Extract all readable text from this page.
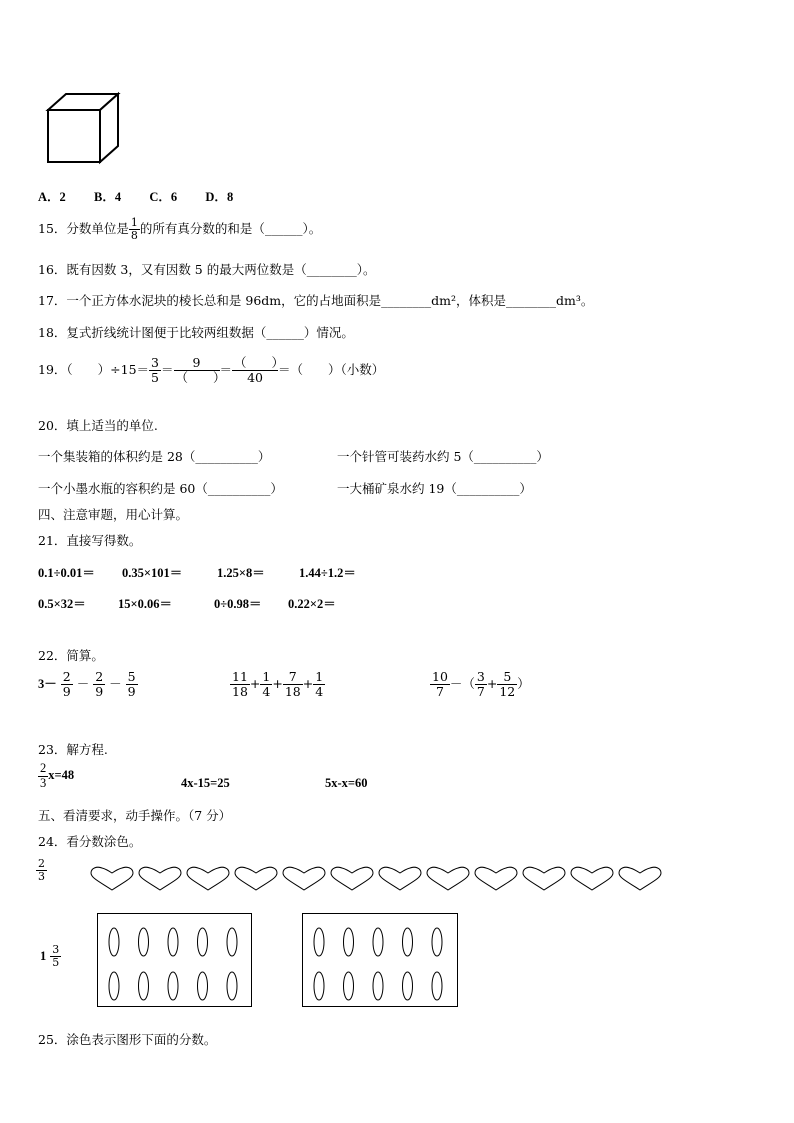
A．2 B．4 C．6 D．8
15．分数单位是 $\frac{1}{8}$ 的所有真分数的和是（______）。
16．既有因数 3，又有因数 5 的最大两位数是（________）。
17．一个正方体水泥块的棱长总和是 96dm，它的占地面积是________dm²，体积是________dm³。
18．复式折线统计图便于比较两组数据（______）情况。
19．（　　）$\div 15= \frac{3}{5} = \frac{9}{( )} = \frac{( )}{40}$ ＝（　　）（小数）
20．填上适当的单位.
一个集装箱的体积约是 28（__________）	一个针管可装药水约 5（__________）
一个小墨水瓶的容积约是 60（__________）	一大桶矿泉水约 19（__________）
四、注意审题，用心计算。
21．直接写得数。
0.1÷0.01＝ 0.35×101＝	1.25×8＝	1.44÷1.2＝
0.5×32＝	15×0.06＝	0÷0.98＝ 0.22×2＝
22．简算。
$3- \frac{2}{9} - \frac{2}{9} - \frac{5}{9}$	$\frac{11}{18} + \frac{1}{4} + \frac{7}{18} + \frac{1}{4}$	$\frac{10}{7}$ －（ $\frac{3}{7} + \frac{5}{12}$ ）
23．解方程.
$\frac{2}{3} x=48$
4x-15=25	5x-x=60
五、看清要求，动手操作。（7 分）
24．看分数涂色。
$\frac{2}{3}$
$1 \frac{3}{5}$
25．涂色表示图形下面的分数。
